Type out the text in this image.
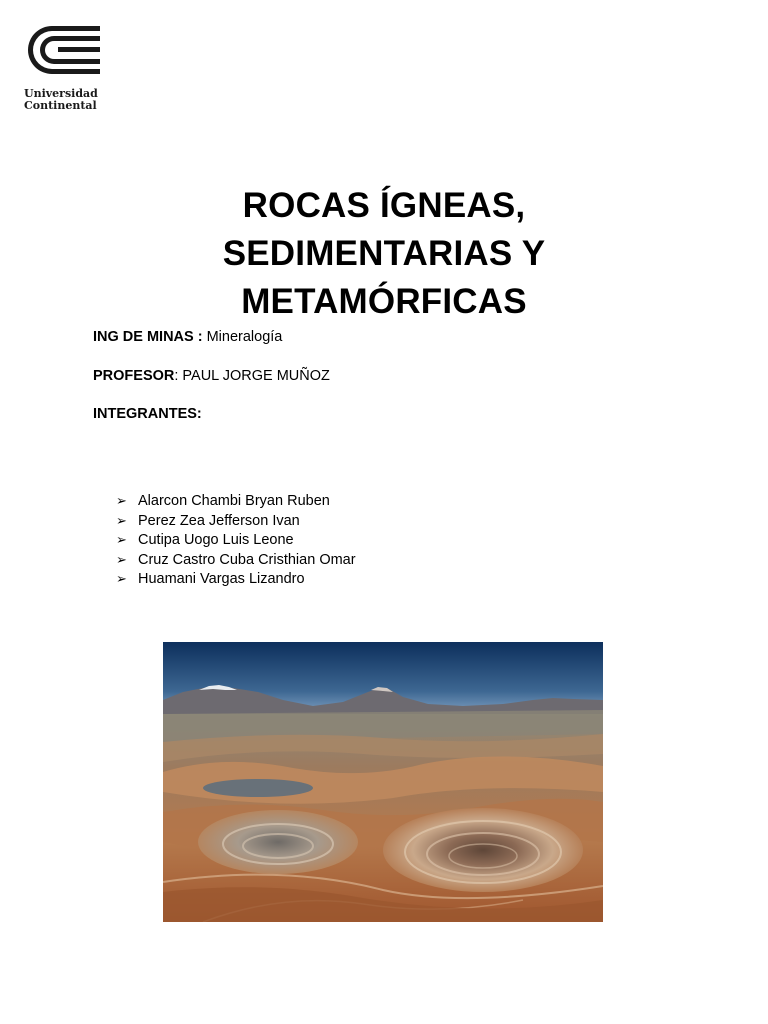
Universidad
Continental
ROCAS ÍGNEAS,
SEDIMENTARIAS Y
METAMÓRFICAS
ING DE MINAS : Mineralogía
PROFESOR: PAUL JORGE MUÑOZ
INTEGRANTES:
➢ Alarcon Chambi Bryan Ruben
➢ Perez Zea Jefferson Ivan
➢ Cutipa Uogo Luis Leone
➢ Cruz Castro Cuba Cristhian Omar
➢ Huamani Vargas Lizandro
